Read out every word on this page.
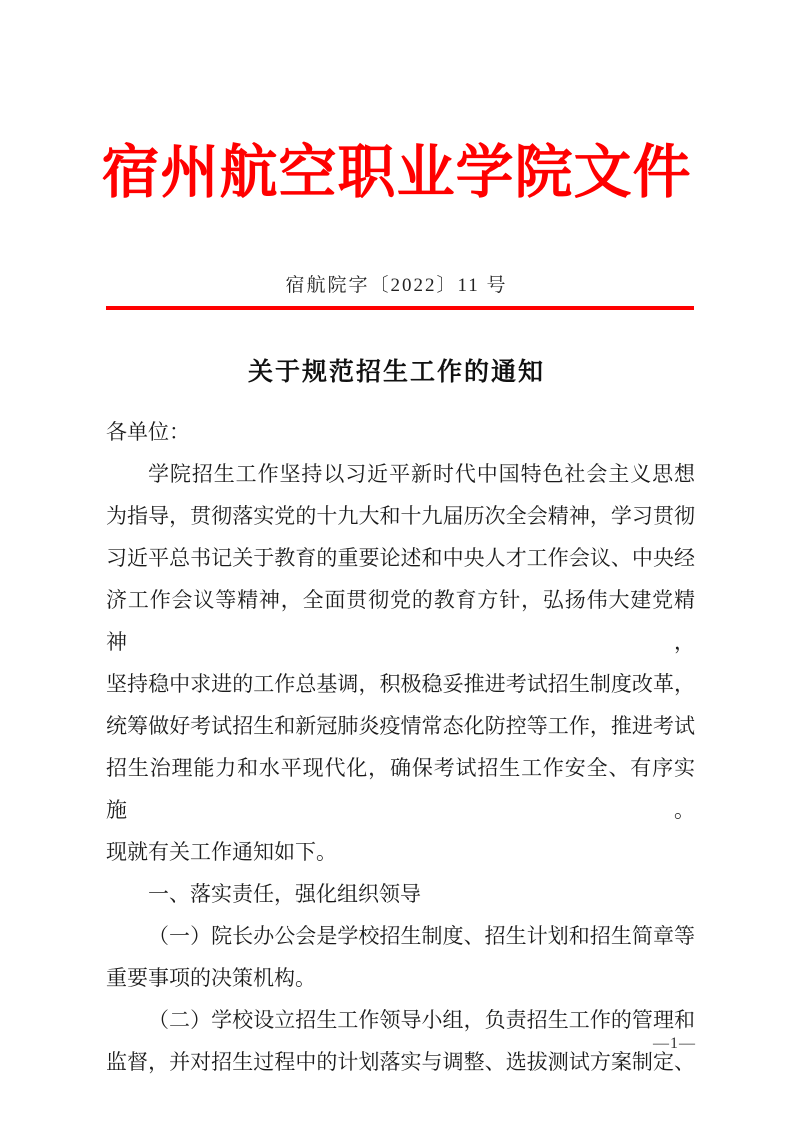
宿州航空职业学院文件
宿航院字〔2022〕11 号
关于规范招生工作的通知
各单位：
学院招生工作坚持以习近平新时代中国特色社会主义思想
为指导，贯彻落实党的十九大和十九届历次全会精神，学习贯彻
习近平总书记关于教育的重要论述和中央人才工作会议、中央经
济工作会议等精神，全面贯彻党的教育方针，弘扬伟大建党精神，
坚持稳中求进的工作总基调，积极稳妥推进考试招生制度改革，
统筹做好考试招生和新冠肺炎疫情常态化防控等工作，推进考试
招生治理能力和水平现代化，确保考试招生工作安全、有序实施。
现就有关工作通知如下。
一、落实责任，强化组织领导
（一）院长办公会是学校招生制度、招生计划和招生简章等
重要事项的决策机构。
（二）学校设立招生工作领导小组，负责招生工作的管理和
监督，并对招生过程中的计划落实与调整、选拔测试方案制定、
—1—
